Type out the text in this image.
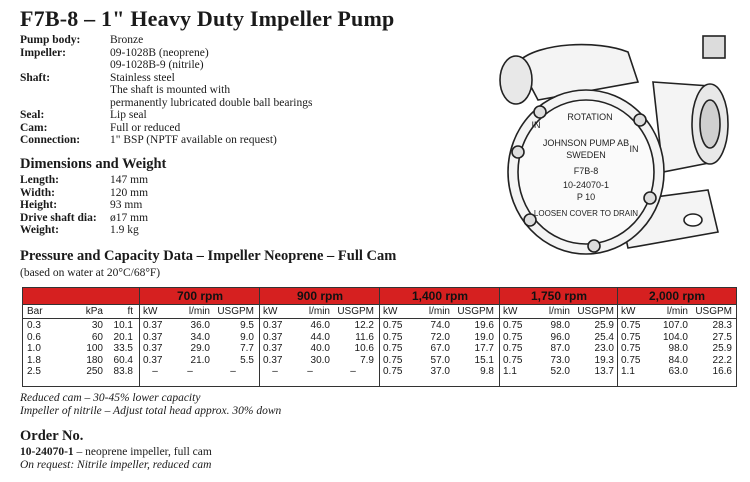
F7B-8 – 1" Heavy Duty Impeller Pump
Pump body:	Bronze
Impeller:	09-1028B (neoprene)
09-1028B-9 (nitrile)
Shaft:	Stainless steel
The shaft is mounted with
permanently lubricated double ball bearings
Seal:	Lip seal
Cam:	Full or reduced
Connection:	1" BSP (NPTF available on request)
Dimensions and Weight
Length:	147 mm
Width:	120 mm
Height:	93 mm
Drive shaft dia:	ø17 mm
Weight:	1.9 kg
Pressure and Capacity Data – Impeller Neoprene – Full Cam
(based on water at 20°C/68°F)
ROTATION
IN
IN
JOHNSON PUMP AB
SWEDEN
F7B-8
10-24070-1
P 10
LOOSEN COVER TO DRAIN
700 rpm	900 rpm	1,400 rpm	1,750 rpm	2,000 rpm
Bar	kPa	ft kW	l/min USGPM kW	l/min USGPM kW	l/min USGPM kW	l/min USGPM kW	l/min USGPM
0.3	30	10.1 0.37	36.0	9.5 0.37	46.0	12.2 0.75	74.0	19.6 0.75	98.0	25.9 0.75	107.0	28.3
0.6	60	20.1 0.37	34.0	9.0 0.37	44.0	11.6 0.75	72.0	19.0 0.75	96.0	25.4 0.75	104.0	27.5
1.0	100	33.5 0.37	29.0	7.7 0.37	40.0	10.6 0.75	67.0	17.7 0.75	87.0	23.0 0.75	98.0	25.9
1.8	180	60.4 0.37	21.0	5.5 0.37	30.0	7.9 0.75	57.0	15.1 0.75	73.0	19.3 0.75	84.0	22.2
2.5	250	83.8	–	–	–	–	–	–	0.75	37.0	9.8 1.1	52.0	13.7 1.1	63.0	16.6
Reduced cam – 30-45% lower capacity
Impeller of nitrile – Adjust total head approx. 30% down
Order No.
10-24070-1 – neoprene impeller, full cam
On request: Nitrile impeller, reduced cam
